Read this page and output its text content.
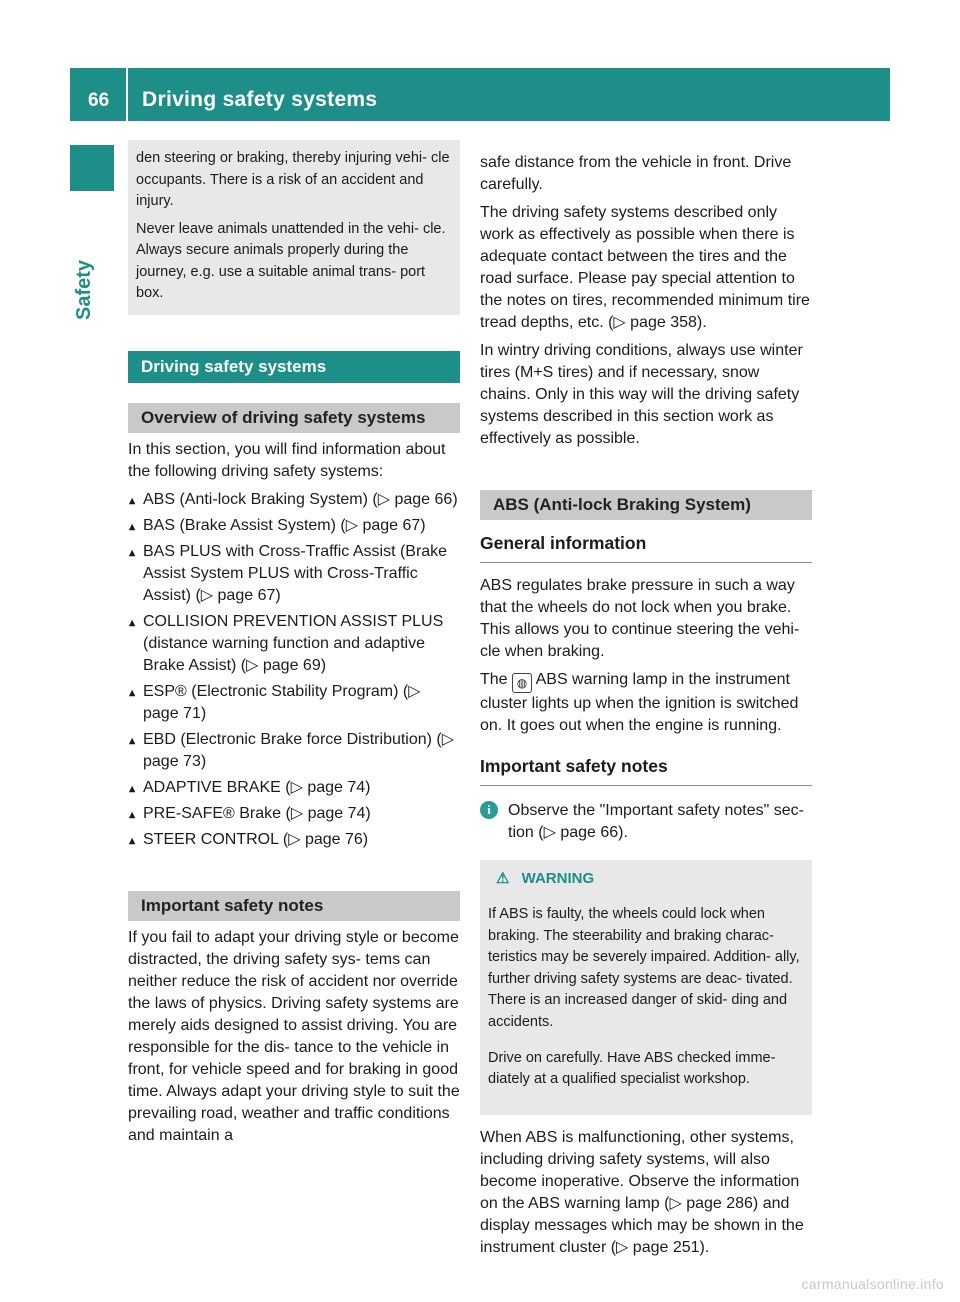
66 Driving safety systems
Safety

den steering or braking, thereby injuring vehi- cle occupants. There is a risk of an accident and injury.

Never leave animals unattended in the vehi- cle. Always secure animals properly during the journey, e.g. use a suitable animal trans- port box.

Driving safety systems
Overview of driving safety systems

In this section, you will find information about the following driving safety systems:

▸ ABS (Anti-lock Braking System) (▷ page 66)
▸ BAS (Brake Assist System) (▷ page 67)
▸ BAS PLUS with Cross-Traffic Assist (Brake Assist System PLUS with Cross-Traffic Assist) (▷ page 67)
▸ COLLISION PREVENTION ASSIST PLUS (distance warning function and adaptive Brake Assist) (▷ page 69)
▸ ESP® (Electronic Stability Program) (▷ page 71)
▸ EBD (Electronic Brake force Distribution) (▷ page 73)
▸ ADAPTIVE BRAKE (▷ page 74)
▸ PRE-SAFE® Brake (▷ page 74)
▸ STEER CONTROL (▷ page 76)
Important safety notes

If you fail to adapt your driving style or become distracted, the driving safety sys- tems can neither reduce the risk of accident nor override the laws of physics. Driving safety systems are merely aids designed to assist driving. You are responsible for the dis- tance to the vehicle in front, for vehicle speed and for braking in good time. Always adapt your driving style to suit the prevailing road, weather and traffic conditions and maintain a

safe distance from the vehicle in front. Drive carefully.

The driving safety systems described only work as effectively as possible when there is adequate contact between the tires and the road surface. Please pay special attention to the notes on tires, recommended minimum tire tread depths, etc. (▷ page 358).

In wintry driving conditions, always use winter tires (M+S tires) and if necessary, snow chains. Only in this way will the driving safety systems described in this section work as effectively as possible.

ABS (Anti-lock Braking System)
General information

ABS regulates brake pressure in such a way that the wheels do not lock when you brake. This allows you to continue steering the vehi- cle when braking.

The ◍ ABS warning lamp in the instrument cluster lights up when the ignition is switched on. It goes out when the engine is running.

Important safety notes
i	Observe the "Important safety notes" sec- tion (▷ page 66).
⚠ WARNING

If ABS is faulty, the wheels could lock when braking. The steerability and braking charac- teristics may be severely impaired. Addition- ally, further driving safety systems are deac- tivated. There is an increased danger of skid- ding and accidents.

Drive on carefully. Have ABS checked imme- diately at a qualified specialist workshop.

When ABS is malfunctioning, other systems, including driving safety systems, will also become inoperative. Observe the information on the ABS warning lamp (▷ page 286) and display messages which may be shown in the instrument cluster (▷ page 251).

carmanualsonline.info
